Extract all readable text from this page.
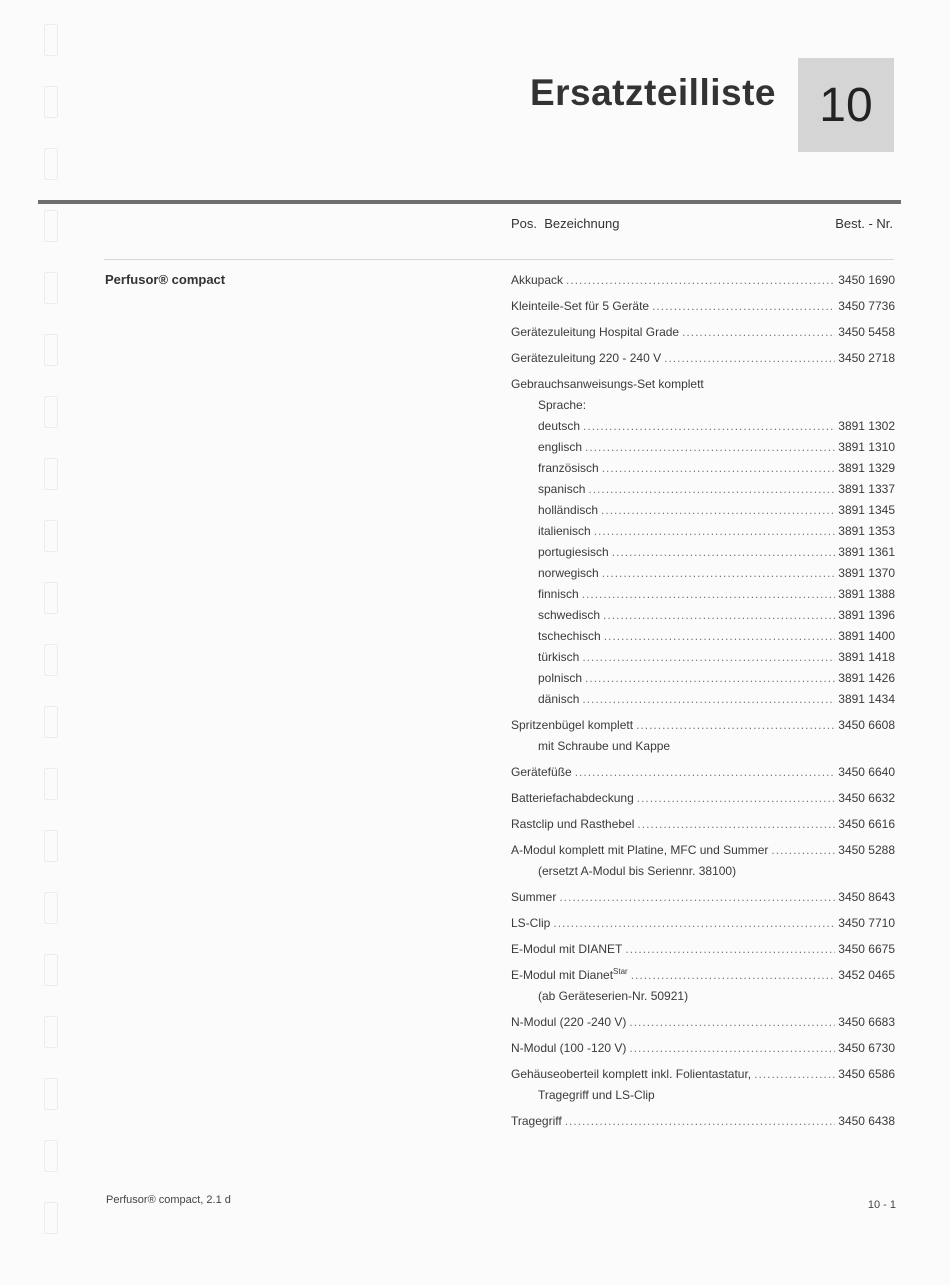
Ersatzteilliste 10
Pos. Bezeichnung	Best. - Nr.
Perfusor® compact	Akkupack .....	3450 1690
Kleinteile-Set für 5 Geräte .....	3450 7736
Gerätezuleitung Hospital Grade .....	3450 5458
Gerätezuleitung 220 - 240 V .....	3450 2718
Gebrauchsanweisungs-Set komplett
Sprache:
deutsch .....	3891 1302
englisch .....	3891 1310
französisch .....	3891 1329
spanisch .....	3891 1337
holländisch .....	3891 1345
italienisch .....	3891 1353
portugiesisch .....	3891 1361
norwegisch .....	3891 1370
finnisch .....	3891 1388
schwedisch .....	3891 1396
tschechisch .....	3891 1400
türkisch .....	3891 1418
polnisch .....	3891 1426
dänisch .....	3891 1434
Spritzenbügel komplett .....	3450 6608
mit Schraube und Kappe
Gerätefüße .....	3450 6640
Batteriefachabdeckung .....	3450 6632
Rastclip und Rasthebel .....	3450 6616
A-Modul komplett mit Platine, MFC und Summer .....	3450 5288
(ersetzt A-Modul bis Seriennr. 38100)
Summer .....	3450 8643
LS-Clip .....	3450 7710
E-Modul mit DIANET .....	3450 6675
E-Modul mit Dianet$^{Star}$ .....	3452 0465
(ab Geräteserien-Nr. 50921)
N-Modul (220 -240 V) .....	3450 6683
N-Modul (100 -120 V) .....	3450 6730
Gehäuseoberteil komplett inkl. Folientastatur, .....	3450 6586
Tragegriff und LS-Clip
Tragegriff .....	3450 6438
Perfusor® compact, 2.1 d	10 - 1
